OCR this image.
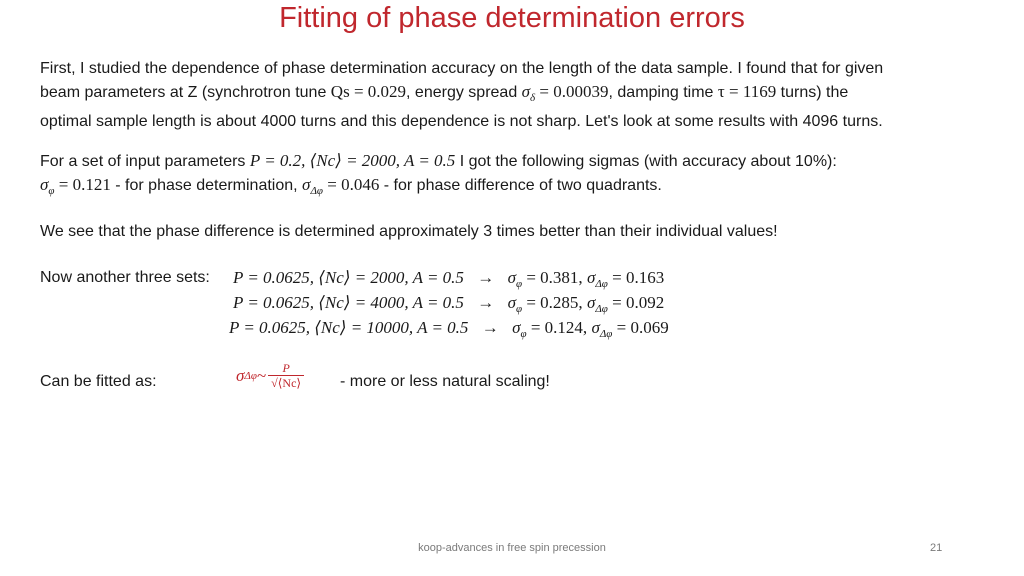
Fitting of phase determination errors
First, I studied the dependence of phase determination accuracy on the length of the data sample. I found that for given
beam parameters at Z (synchrotron tune Qs = 0.029, energy spread $\sigma_\delta = 0.00039$, damping time τ = 1169 turns) the
optimal sample length is about 4000 turns and this dependence is not sharp. Let's look at some results with 4096 turns.
For a set of input parameters P = 0.2, ⟨Nc⟩ = 2000, A = 0.5 I got the following sigmas (with accuracy about 10%):
$\sigma_\varphi = 0.121$ - for phase determination, $\sigma_{\Delta\varphi} = 0.046$ - for phase difference of two quadrants.
We see that the phase difference is determined approximately 3 times better than their individual values!
Now another three sets: P = 0.0625, ⟨Nc⟩ = 2000, $A = 0.5 \to \sigma_\varphi = 0.381$, $\sigma_{\Delta\varphi} = 0.163$
P = 0.0625, ⟨Nc⟩ = 4000, $A = 0.5 \to \sigma_\varphi = 0.285$, $\sigma_{\Delta\varphi} = 0.092$
P = 0.0625, ⟨Nc⟩ = 10000, $A = 0.5 \to \sigma_\varphi = 0.124$, $\sigma_{\Delta\varphi} = 0.069$
Can be fitted as:	σ Δφ ~ $\frac{P}{√⟨Nc⟩}$ - more or less natural scaling!
koop-advances in free spin precession	21
